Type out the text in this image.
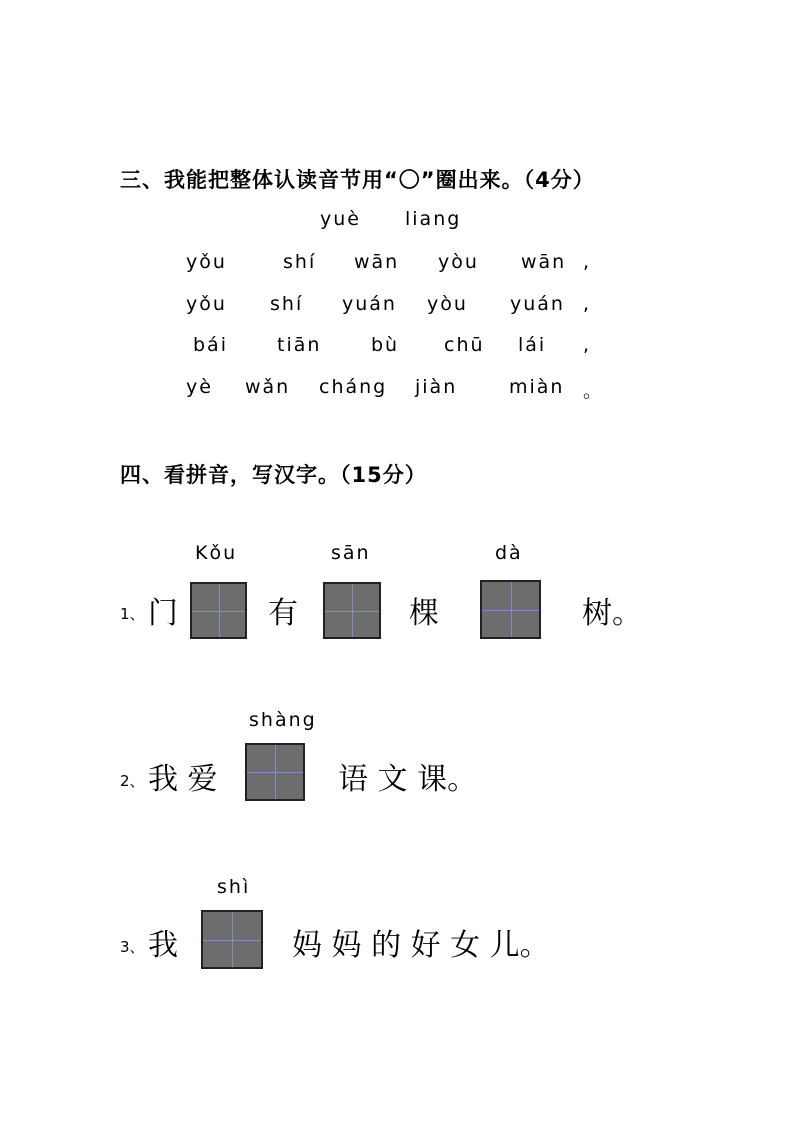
三、我能把整体认读音节用“〇”圈出来。（4分）
yuè liang
yǒu	shí wān yòu wān ,
yǒu shí yuán yòu yuán ,
bái	tiān	bù chū lái ,
yè wǎn cháng jiàn	miàn 。
四、看拼音，写汉字。（15分）
Kǒu	sān	dà
1、 门	有	棵	树。
shàng
2、 我 爱	语 文 课。
shì
3、 我	妈 妈 的 好 女 儿。
